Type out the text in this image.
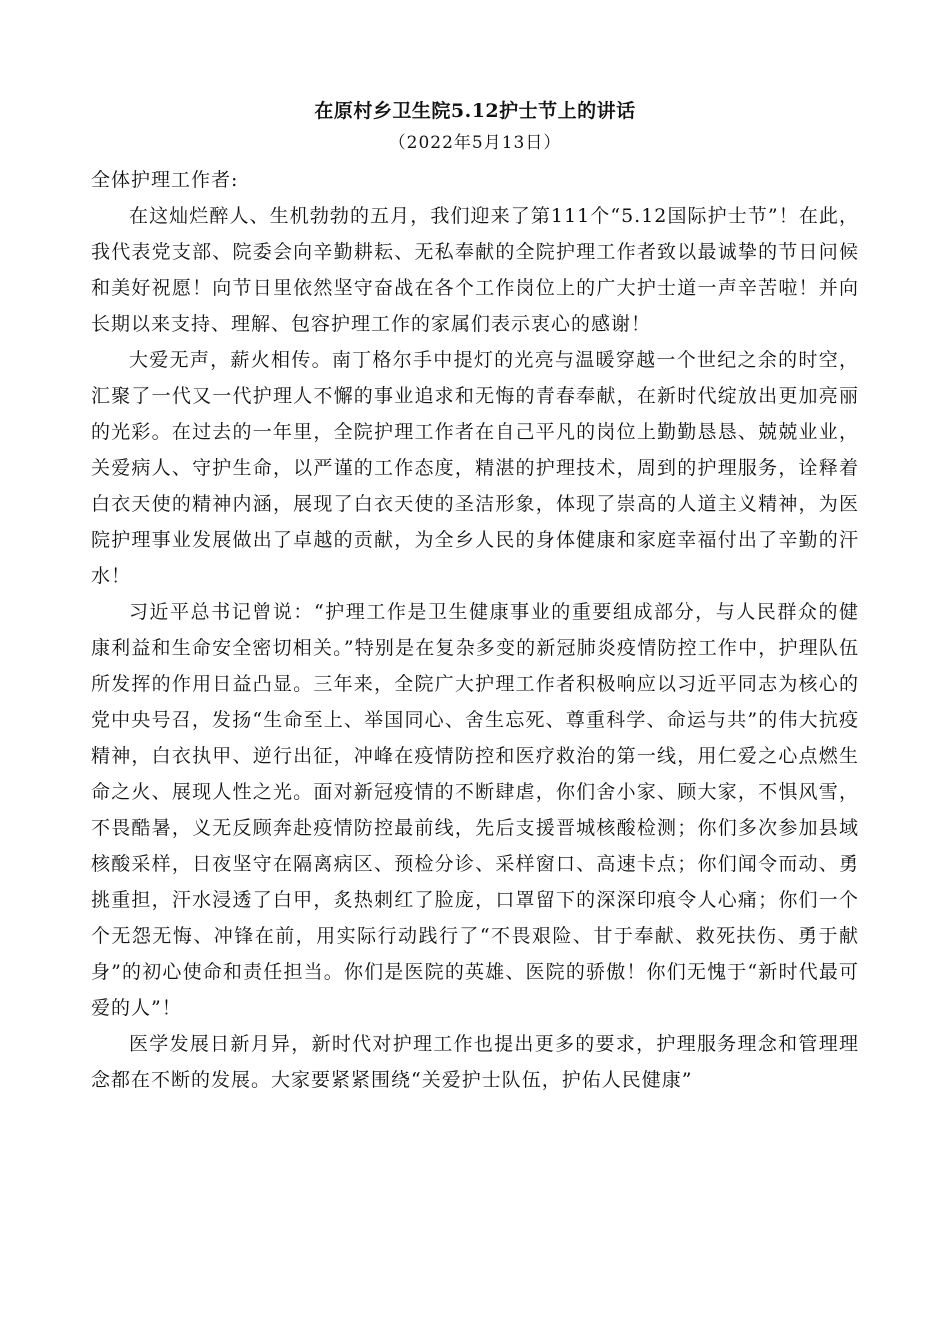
在原村乡卫生院5.12护士节上的讲话
（2022年5月13日）

全体护理工作者:

在这灿烂醉人、生机勃勃的五月，我们迎来了第111个“5.12国际护士节”！在此，我代表党支部、院委会向辛勤耕耘、无私奉献的全院护理工作者致以最诚挚的节日问候和美好祝愿！向节日里依然坚守奋战在各个工作岗位上的广大护士道一声辛苦啦！并向长期以来支持、理解、包容护理工作的家属们表示衷心的感谢！

大爱无声，薪火相传。南丁格尔手中提灯的光亮与温暖穿越一个世纪之余的时空，汇聚了一代又一代护理人不懈的事业追求和无悔的青春奉献，在新时代绽放出更加亮丽的光彩。在过去的一年里，全院护理工作者在自己平凡的岗位上勤勤恳恳、兢兢业业，关爱病人、守护生命，以严谨的工作态度，精湛的护理技术，周到的护理服务，诠释着白衣天使的精神内涵，展现了白衣天使的圣洁形象，体现了崇高的人道主义精神，为医院护理事业发展做出了卓越的贡献，为全乡人民的身体健康和家庭幸福付出了辛勤的汗水！

习近平总书记曾说：“护理工作是卫生健康事业的重要组成部分，与人民群众的健康利益和生命安全密切相关。”特别是在复杂多变的新冠肺炎疫情防控工作中，护理队伍所发挥的作用日益凸显。三年来，全院广大护理工作者积极响应以习近平同志为核心的党中央号召，发扬“生命至上、举国同心、舍生忘死、尊重科学、命运与共”的伟大抗疫精神，白衣执甲、逆行出征，冲峰在疫情防控和医疗救治的第一线，用仁爱之心点燃生命之火、展现人性之光。面对新冠疫情的不断肆虐，你们舍小家、顾大家，不惧风雪，不畏酷暑，义无反顾奔赴疫情防控最前线，先后支援晋城核酸检测；你们多次参加县域核酸采样，日夜坚守在隔离病区、预检分诊、采样窗口、高速卡点；你们闻令而动、勇挑重担，汗水浸透了白甲，炙热刺红了脸庞，口罩留下的深深印痕令人心痛；你们一个个无怨无悔、冲锋在前，用实际行动践行了“不畏艰险、甘于奉献、救死扶伤、勇于献身”的初心使命和责任担当。你们是医院的英雄、医院的骄傲！你们无愧于“新时代最可爱的人”！

医学发展日新月异，新时代对护理工作也提出更多的要求，护理服务理念和管理理念都在不断的发展。大家要紧紧围绕“关爱护士队伍，护佑人民健康”
